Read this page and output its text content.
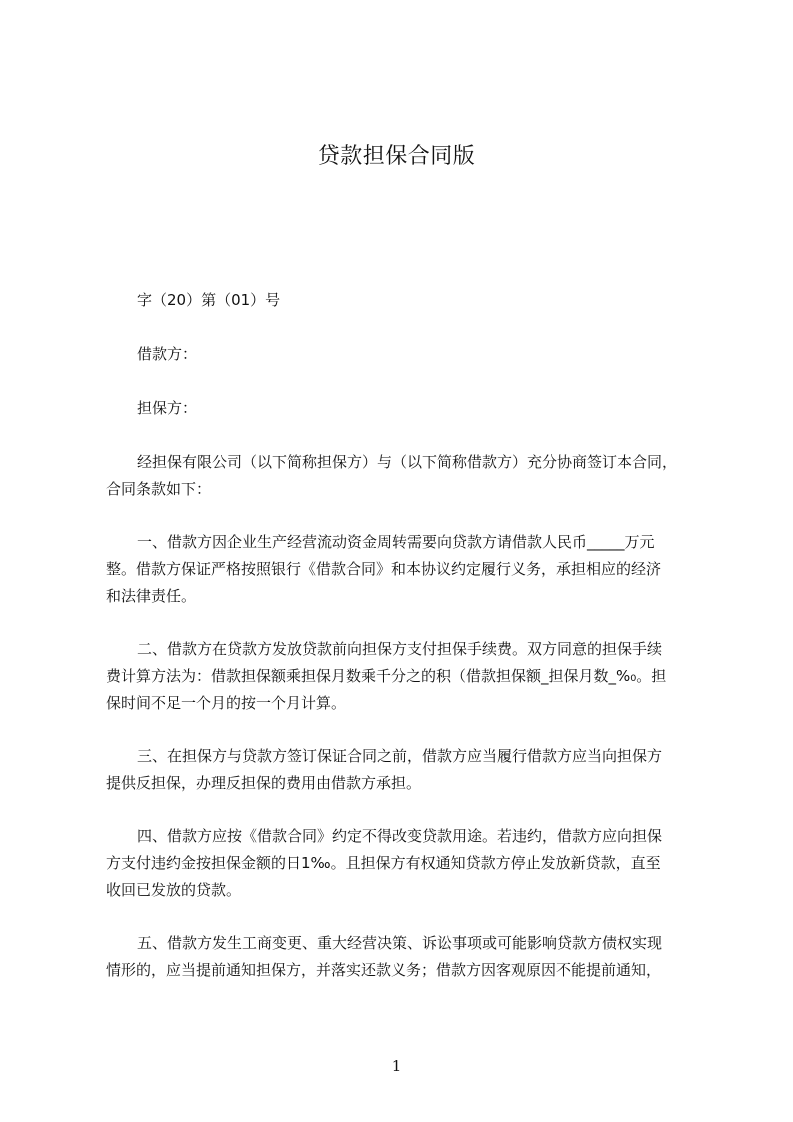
贷款担保合同版
字（20）第（01）号
借款方：
担保方：
经担保有限公司（以下简称担保方）与（以下简称借款方）充分协商签订本合同，
合同条款如下：
一、借款方因企业生产经营流动资金周转需要向贷款方请借款人民币_____万元
整。借款方保证严格按照银行《借款合同》和本协议约定履行义务，承担相应的经济
和法律责任。
二、借款方在贷款方发放贷款前向担保方支付担保手续费。双方同意的担保手续
费计算方法为：借款担保额乘担保月数乘千分之的积（借款担保额_担保月数_%₀。担
保时间不足一个月的按一个月计算。
三、在担保方与贷款方签订保证合同之前，借款方应当履行借款方应当向担保方
提供反担保，办理反担保的费用由借款方承担。
四、借款方应按《借款合同》约定不得改变贷款用途。若违约，借款方应向担保
方支付违约金按担保金额的日1‰。且担保方有权通知贷款方停止发放新贷款，直至
收回已发放的贷款。
五、借款方发生工商变更、重大经营决策、诉讼事项或可能影响贷款方债权实现
情形的，应当提前通知担保方，并落实还款义务；借款方因客观原因不能提前通知，
1
